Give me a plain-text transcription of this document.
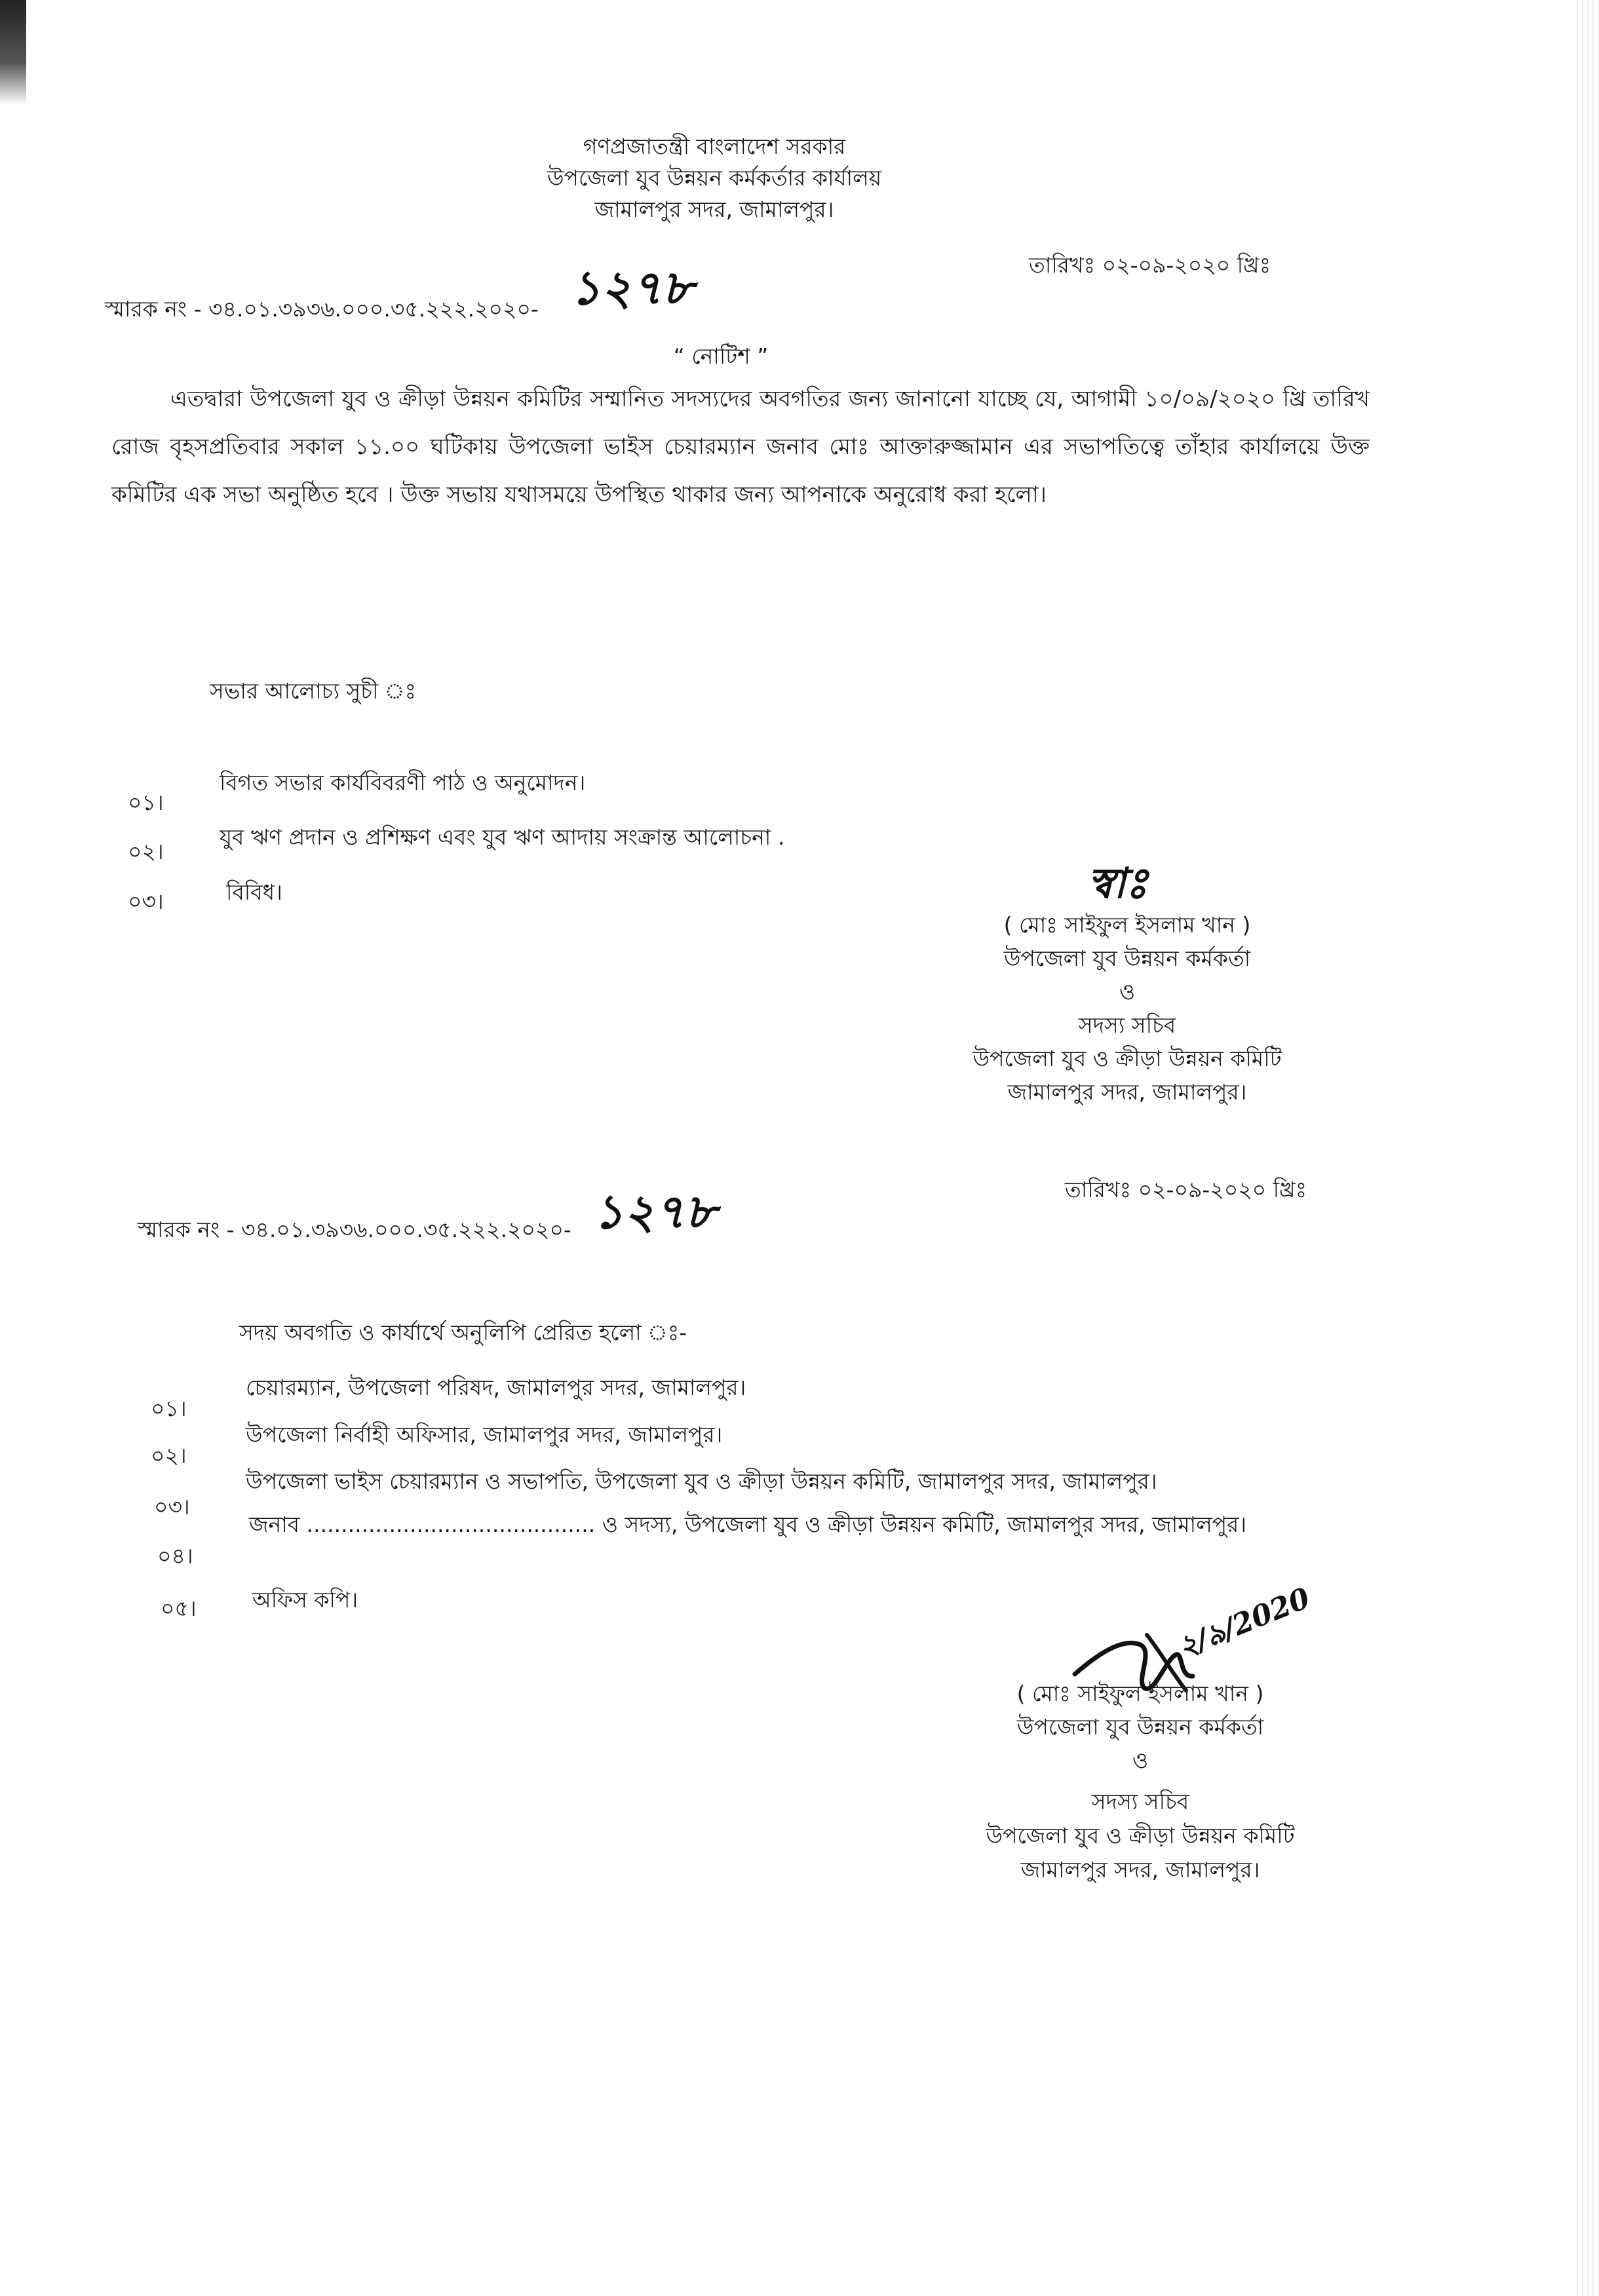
গণপ্রজাতন্ত্রী বাংলাদেশ সরকার
উপজেলা যুব উন্নয়ন কর্মকর্তার কার্যালয়
জামালপুর সদর, জামালপুর।
স্মারক নং - ৩৪.০১.৩৯৩৬.০০০.৩৫.২২২.২০২০- ১২৭৮	তারিখঃ ০২-০৯-২০২০ খ্রিঃ
“ নোটিশ ”
এতদ্বারা উপজেলা যুব ও ক্রীড়া উন্নয়ন কমিটির সম্মানিত সদস্যদের অবগতির জন্য জানানো যাচ্ছে যে, আগামী ১০/০৯/২০২০ খ্রি তারিখ রোজ বৃহসপ্রতিবার সকাল ১১.০০ ঘটিকায় উপজেলা ভাইস চেয়ারম্যান জনাব মোঃ আক্তারুজ্জামান এর সভাপতিত্বে তাঁহার কার্যালয়ে উক্ত কমিটির এক সভা অনুষ্ঠিত হবে । উক্ত সভায় যথাসময়ে উপস্থিত থাকার জন্য আপনাকে অনুরোধ করা হলো।
সভার আলোচ্য সুচী ঃ
০১।
বিগত সভার কার্যবিবরণী পাঠ ও অনুমোদন।
০২।
যুব ঋণ প্রদান ও প্রশিক্ষণ এবং যুব ঋণ আদায় সংক্রান্ত আলোচনা .
০৩।	বিবিধ।	স্বাঃ
( মোঃ সাইফুল ইসলাম খান )
উপজেলা যুব উন্নয়ন কর্মকর্তা
ও
সদস্য সচিব
উপজেলা যুব ও ক্রীড়া উন্নয়ন কমিটি
জামালপুর সদর, জামালপুর।
তারিখঃ ০২-০৯-২০২০ খ্রিঃ
স্মারক নং - ৩৪.০১.৩৯৩৬.০০০.৩৫.২২২.২০২০- ১২৭৮
সদয় অবগতি ও কার্যার্থে অনুলিপি প্রেরিত হলো ঃ-
০১।
চেয়ারম্যান, উপজেলা পরিষদ, জামালপুর সদর, জামালপুর।
০২।
উপজেলা নির্বাহী অফিসার, জামালপুর সদর, জামালপুর।
০৩।
উপজেলা ভাইস চেয়ারম্যান ও সভাপতি, উপজেলা যুব ও ক্রীড়া উন্নয়ন কমিটি, জামালপুর সদর, জামালপুর।
০৪।
জনাব .......................................... ও সদস্য, উপজেলা যুব ও ক্রীড়া উন্নয়ন কমিটি, জামালপুর সদর, জামালপুর।
০৫।	অফিস কপি।	২/৯/2020
( মোঃ সাইফুল ইসলাম খান )
উপজেলা যুব উন্নয়ন কর্মকর্তা
ও
সদস্য সচিব
উপজেলা যুব ও ক্রীড়া উন্নয়ন কমিটি
জামালপুর সদর, জামালপুর।
